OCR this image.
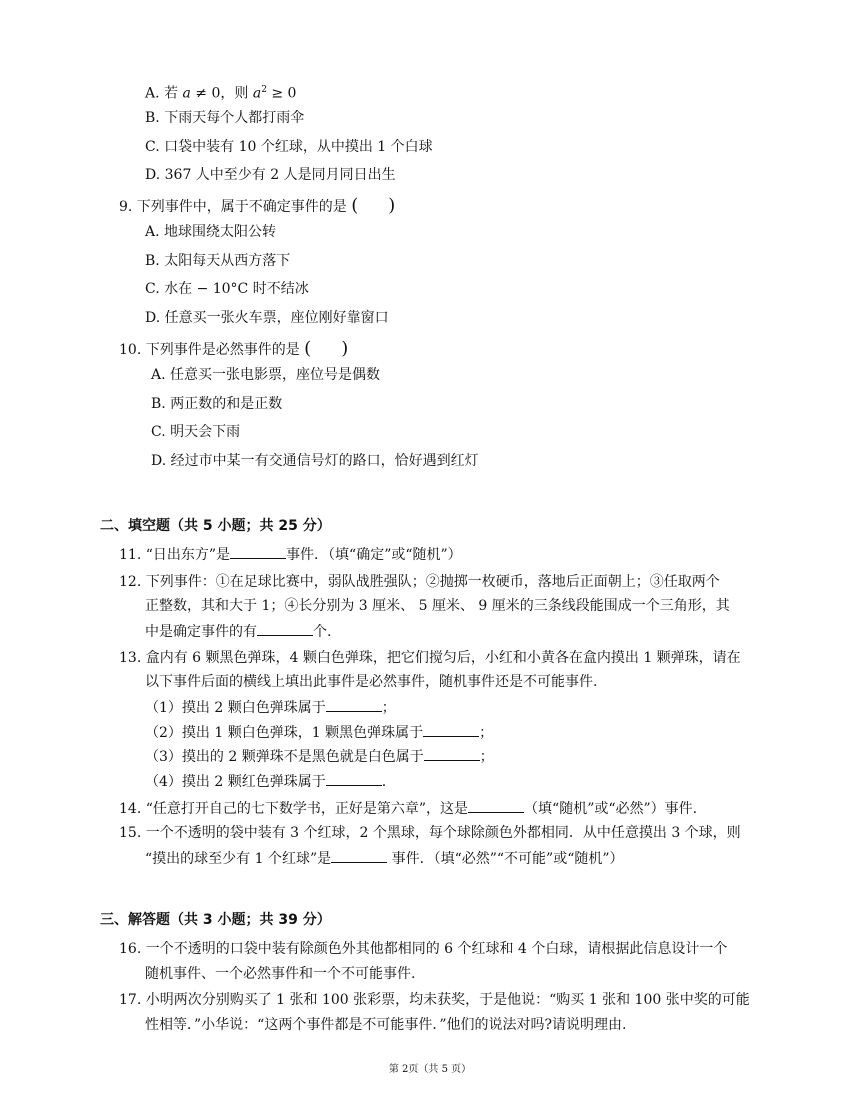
A. 若 a ≠ 0，则 $a^2 \ge 0$
B. 下雨天每个人都打雨伞
C. 口袋中装有 10 个红球，从中摸出 1 个白球
D. 367 人中至少有 2 人是同月同日出生
9. 下列事件中，属于不确定事件的是 ( )
A. 地球围绕太阳公转
B. 太阳每天从西方落下
C. 水在 − 10°C 时不结冰
D. 任意买一张火车票，座位刚好靠窗口
10. 下列事件是必然事件的是 ( )
A. 任意买一张电影票，座位号是偶数
B. 两正数的和是正数
C. 明天会下雨
D. 经过市中某一有交通信号灯的路口，恰好遇到红灯
二、填空题（共 5 小题；共 25 分）
11. “日出东方”是	事件．（填“确定”或“随机”）
12. 下列事件：①在足球比赛中，弱队战胜强队；②抛掷一枚硬币，落地后正面朝上；③任取两个
正整数，其和大于 1；④长分别为 3 厘米、 5 厘米、 9 厘米的三条线段能围成一个三角形，其
中是确定事件的有	个.
13. 盒内有 6 颗黑色弹珠，4 颗白色弹珠，把它们搅匀后，小红和小黄各在盒内摸出 1 颗弹珠，请在
以下事件后面的横线上填出此事件是必然事件，随机事件还是不可能事件.
（1）摸出 2 颗白色弹珠属于	；
（2）摸出 1 颗白色弹珠，1 颗黑色弹珠属于	；
（3）摸出的 2 颗弹珠不是黑色就是白色属于	；
（4）摸出 2 颗红色弹珠属于	.
14. “任意打开自己的七下数学书，正好是第六章”，这是	（填“随机”或“必然”）事件.
15. 一个不透明的袋中装有 3 个红球，2 个黑球，每个球除颜色外都相同．从中任意摸出 3 个球，则
“摸出的球至少有 1 个红球”是	事件．（填“必然”“不可能”或“随机”）
三、解答题（共 3 小题；共 39 分）
16. 一个不透明的口袋中装有除颜色外其他都相同的 6 个红球和 4 个白球，请根据此信息设计一个
随机事件、一个必然事件和一个不可能事件.
17. 小明两次分别购买了 1 张和 100 张彩票，均未获奖，于是他说：“购买 1 张和 100 张中奖的可能
性相等．”小华说：“这两个事件都是不可能事件．”他们的说法对吗?请说明理由.
第 2页（共 5 页）
